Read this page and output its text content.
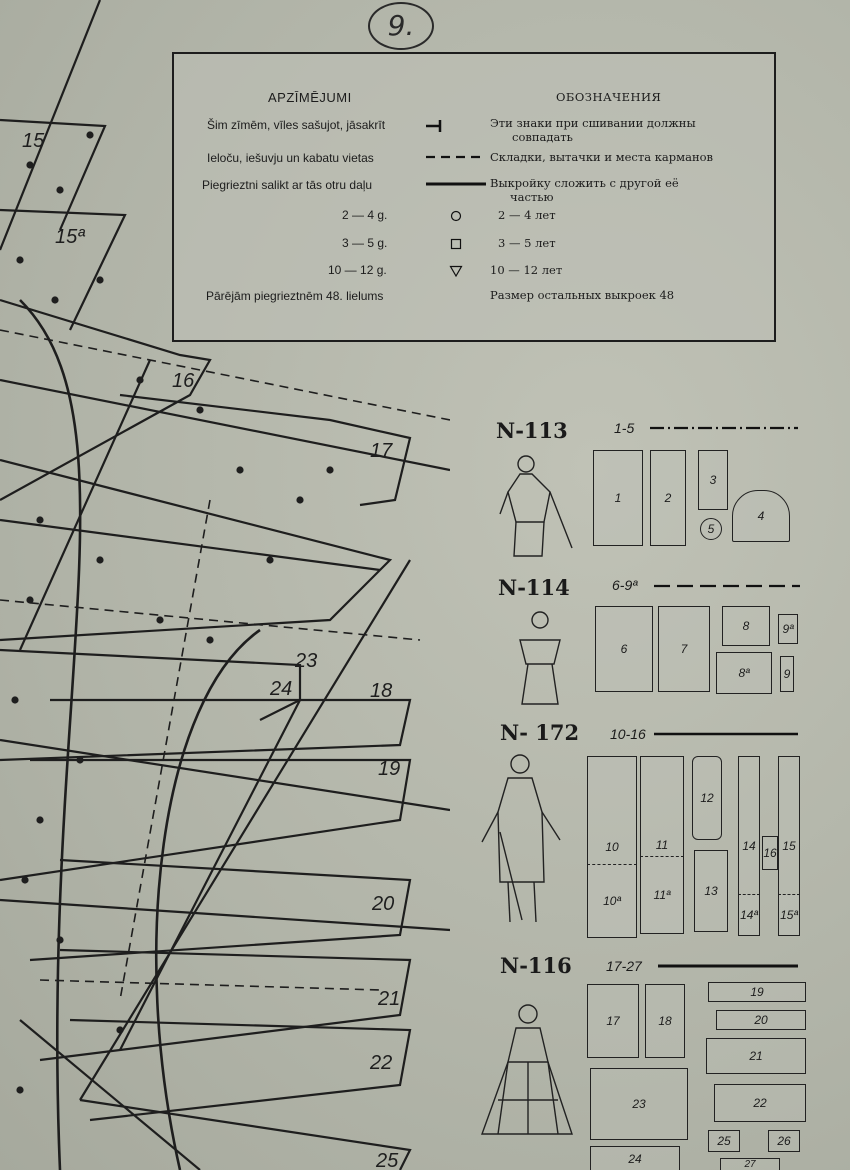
15
15ª
16
17
23
24	18
19
20
21
22
25
9.
APZĪMĒJUMI	ОБОЗНАЧЕНИЯ
Šim zīmēm, vīles sašujot, jāsakrīt	Эти знаки при сшивании должны
совпадать
Ieloču, iešuvju un kabatu vietas	Складки, вытачки и места карманов
Piegrieztni salikt ar tās otru daļu	Выкройку сложить с другой её
частью
2 — 4 g.	2 — 4 лет
3 — 5 g.	3 — 5 лет
10 — 12 g.	10 — 12 лет
Pārējām piegrieztnēm 48. lielums	Размер остальных выкроек 48
N-113	1-5
1	2
3
5
4
N-114	6-9ª
6	7
8
8ª
9ª
9
N- 172 10-16
10
10ª
11
11ª
12
13
14
14ª
15
15ª
16
N-116 17-27
17	18
19
20
21
22
23
24
25	26
27
